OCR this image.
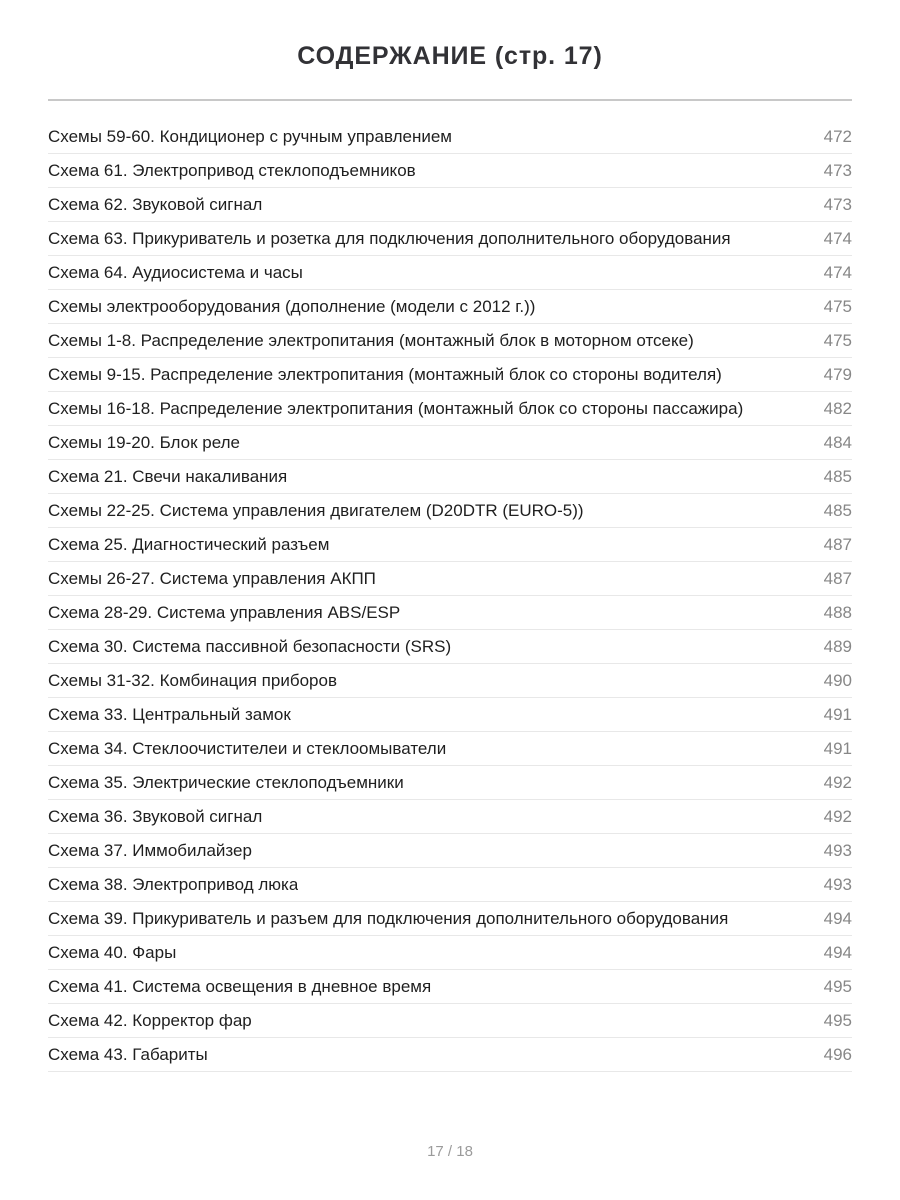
СОДЕРЖАНИЕ (стр. 17)
Схемы 59-60. Кондиционер с ручным управлением	472
Схема 61. Электропривод стеклоподъемников	473
Схема 62. Звуковой сигнал	473
Схема 63. Прикуриватель и розетка для подключения дополнительного оборудования	474
Схема 64. Аудиосистема и часы	474
Схемы электрооборудования (дополнение (модели с 2012 г.))	475
Схемы 1-8. Распределение электропитания (монтажный блок в моторном отсеке)	475
Схемы 9-15. Распределение электропитания (монтажный блок со стороны водителя)	479
Схемы 16-18. Распределение электропитания (монтажный блок со стороны пассажира)	482
Схемы 19-20. Блок реле	484
Схема 21. Свечи накаливания	485
Схемы 22-25. Система управления двигателем (D20DTR (EURO-5))	485
Схема 25. Диагностический разъем	487
Схемы 26-27. Система управления АКПП	487
Схема 28-29. Система управления ABS/ESP	488
Схема 30. Система пассивной безопасности (SRS)	489
Схемы 31-32. Комбинация приборов	490
Схема 33. Центральный замок	491
Схема 34. Стеклоочистителеи и стеклоомыватели	491
Схема 35. Электрические стеклоподъемники	492
Схема 36. Звуковой сигнал	492
Схема 37. Иммобилайзер	493
Схема 38. Электропривод люка	493
Схема 39. Прикуриватель и разъем для подключения дополнительного оборудования	494
Схема 40. Фары	494
Схема 41. Система освещения в дневное время	495
Схема 42. Корректор фар	495
Схема 43. Габариты	496
17 / 18
